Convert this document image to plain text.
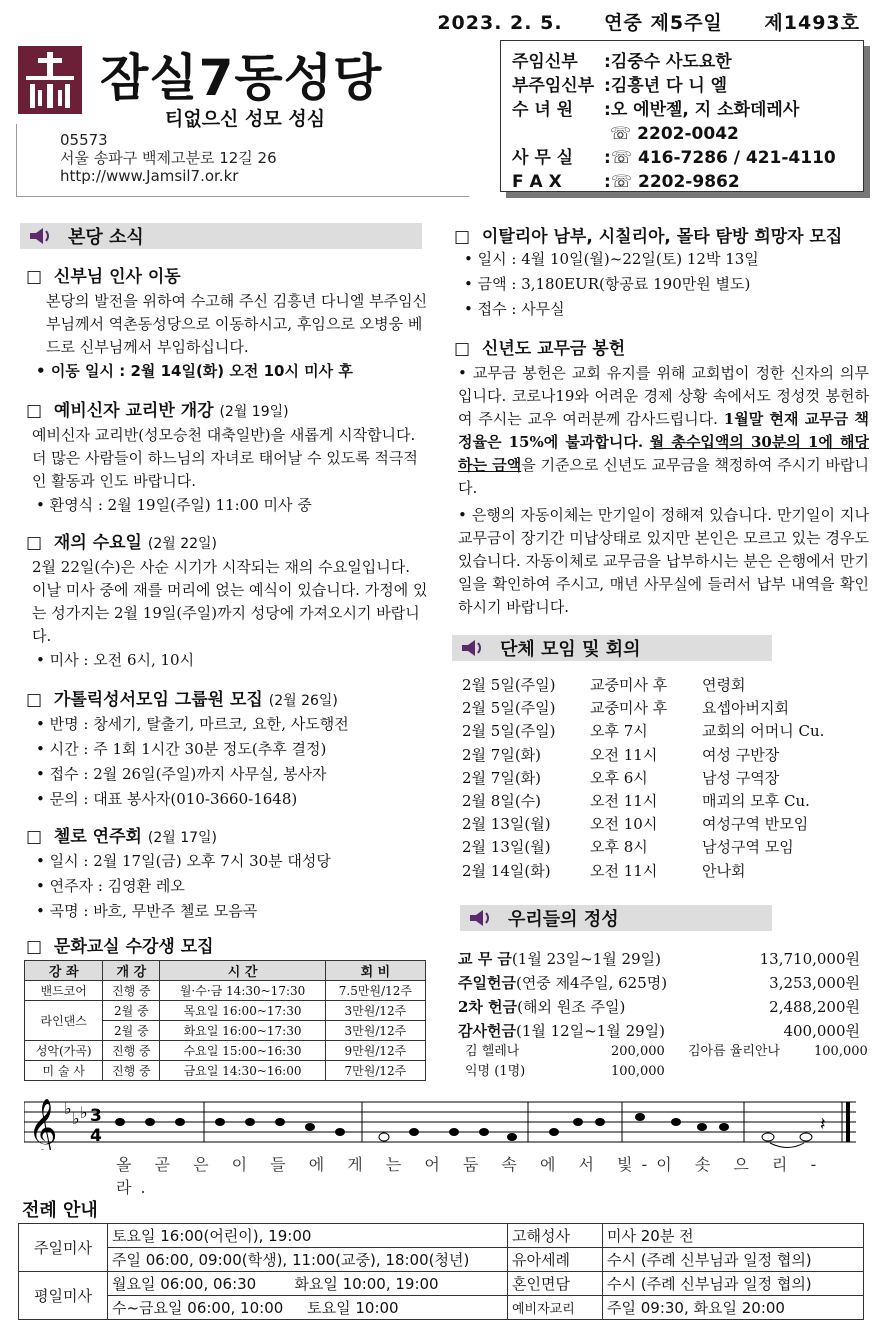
2023. 2. 5. 연중 제5주일 제1493호
잠실7동성당
티없으신 성모 성심
05573
서울 송파구 백제고분로 12길 26
http://www.Jamsil7.or.kr
주임신부	: 김중수 사도요한
부주임신부 : 김흥년 다 니 엘
수 녀 원	: 오 에반젤, 지 소화데레사
☏ 2202-0042
사 무 실	: ☏ 416-7286 / 421-4110
F A X	: ☏ 2202-9862
본당 소식
□  신부님 인사 이동
본당의 발전을 위하여 수고해 주신 김흥년 다니엘 부주임신부님께서 역촌동성당으로 이동하시고, 후임으로 오병웅 베드로 신부님께서 부임하십니다.
• 이동 일시 : 2월 14일(화) 오전 10시 미사 후
□  예비신자 교리반 개강 (2월 19일)
예비신자 교리반(성모승천 대축일반)을 새롭게 시작합니다. 더 많은 사람들이 하느님의 자녀로 태어날 수 있도록 적극적인 활동과 인도 바랍니다.
• 환영식 : 2월 19일(주일) 11:00 미사 중
□  재의 수요일 (2월 22일)
2월 22일(수)은 사순 시기가 시작되는 재의 수요일입니다. 이날 미사 중에 재를 머리에 얹는 예식이 있습니다. 가정에 있는 성가지는 2월 19일(주일)까지 성당에 가져오시기 바랍니다.
• 미사 : 오전 6시, 10시
□  가톨릭성서모임 그룹원 모집 (2월 26일)
• 반명 : 창세기, 탈출기, 마르코, 요한, 사도행전
• 시간 : 주 1회 1시간 30분 정도(추후 결정)
• 접수 : 2월 26일(주일)까지 사무실, 봉사자
• 문의 : 대표 봉사자(010-3660-1648)
□  첼로 연주회 (2월 17일)
• 일시 : 2월 17일(금) 오후 7시 30분 대성당
• 연주자 : 김영환 레오
• 곡명 : 바흐, 무반주 첼로 모음곡
□  문화교실 수강생 모집
강 좌	개 강	시 간	회 비
밴드코어	진행 중	월·수·금 14:30~17:30	7.5만원/12주
라인댄스	2월 중	목요일 16:00~17:30	3만원/12주
	2월 중	화요일 16:00~17:30	3만원/12주
성악(가곡)	진행 중	수요일 15:00~16:30	9만원/12주
미 술 사	진행 중	금요일 14:30~16:00	7만원/12주
□  이탈리아 남부, 시칠리아, 몰타 탐방 희망자 모집
• 일시 : 4월 10일(월)~22일(토) 12박 13일
• 금액 : 3,180EUR(항공료 190만원 별도)
• 접수 : 사무실
□  신년도 교무금 봉헌
• 교무금 봉헌은 교회 유지를 위해 교회법이 정한 신자의 의무입니다. 코로나19와 어려운 경제 상황 속에서도 정성껏 봉헌하여 주시는 교우 여러분께 감사드립니다. 1월말 현재 교무금 책정율은 15%에 불과합니다. 월 총수입액의 30분의 1에 해당하는 금액을 기준으로 신년도 교무금을 책정하여 주시기 바랍니다.
• 은행의 자동이체는 만기일이 정해져 있습니다. 만기일이 지나 교무금이 장기간 미납상태로 있지만 본인은 모르고 있는 경우도 있습니다. 자동이체로 교무금을 납부하시는 분은 은행에서 만기일을 확인하여 주시고, 매년 사무실에 들러서 납부 내역을 확인하시기 바랍니다.
단체 모임 및 회의
2월 5일(주일)	교중미사 후	연령회
2월 5일(주일)	교중미사 후	요셉아버지회
2월 5일(주일)	오후 7시	교회의 어머니 Cu.
2월 7일(화)	오전 11시	여성 구반장
2월 7일(화)	오후 6시	남성 구역장
2월 8일(수)	오전 11시	매괴의 모후 Cu.
2월 13일(월)	오전 10시	여성구역 반모임
2월 13일(월)	오후 8시	남성구역 모임
2월 14일(화)	오전 11시	안나회
우리들의 정성
교 무 금(1월 23일~1월 29일)	13,710,000원
주일헌금(연중 제4주일, 625명)	3,253,000원
2차 헌금(해외 원조 주일)	2,488,200원
감사헌금(1월 12일~1월 29일)	400,000원
김 헬레나	200,000	김아름 율리안나	100,000
익명 (1명)	100,000		
𝄞 ♭
♭ ♭ 3
4
𝄽
올 곧 은 이 들 에 게 는 어 둠 속 에 서 빛-이 솟 으 리 - 라.
전례 안내
주일미사	토요일 16:00(어린이), 19:00	고해성사	미사 20분 전
	주일 06:00, 09:00(학생), 11:00(교중), 18:00(청년)	유아세례	수시 (주례 신부님과 일정 협의)
평일미사	월요일 06:00, 06:30        화요일 10:00, 19:00	혼인면담	수시 (주례 신부님과 일정 협의)
	수~금요일 06:00, 10:00     토요일 10:00	예비자교리	주일 09:30, 화요일 20:00
